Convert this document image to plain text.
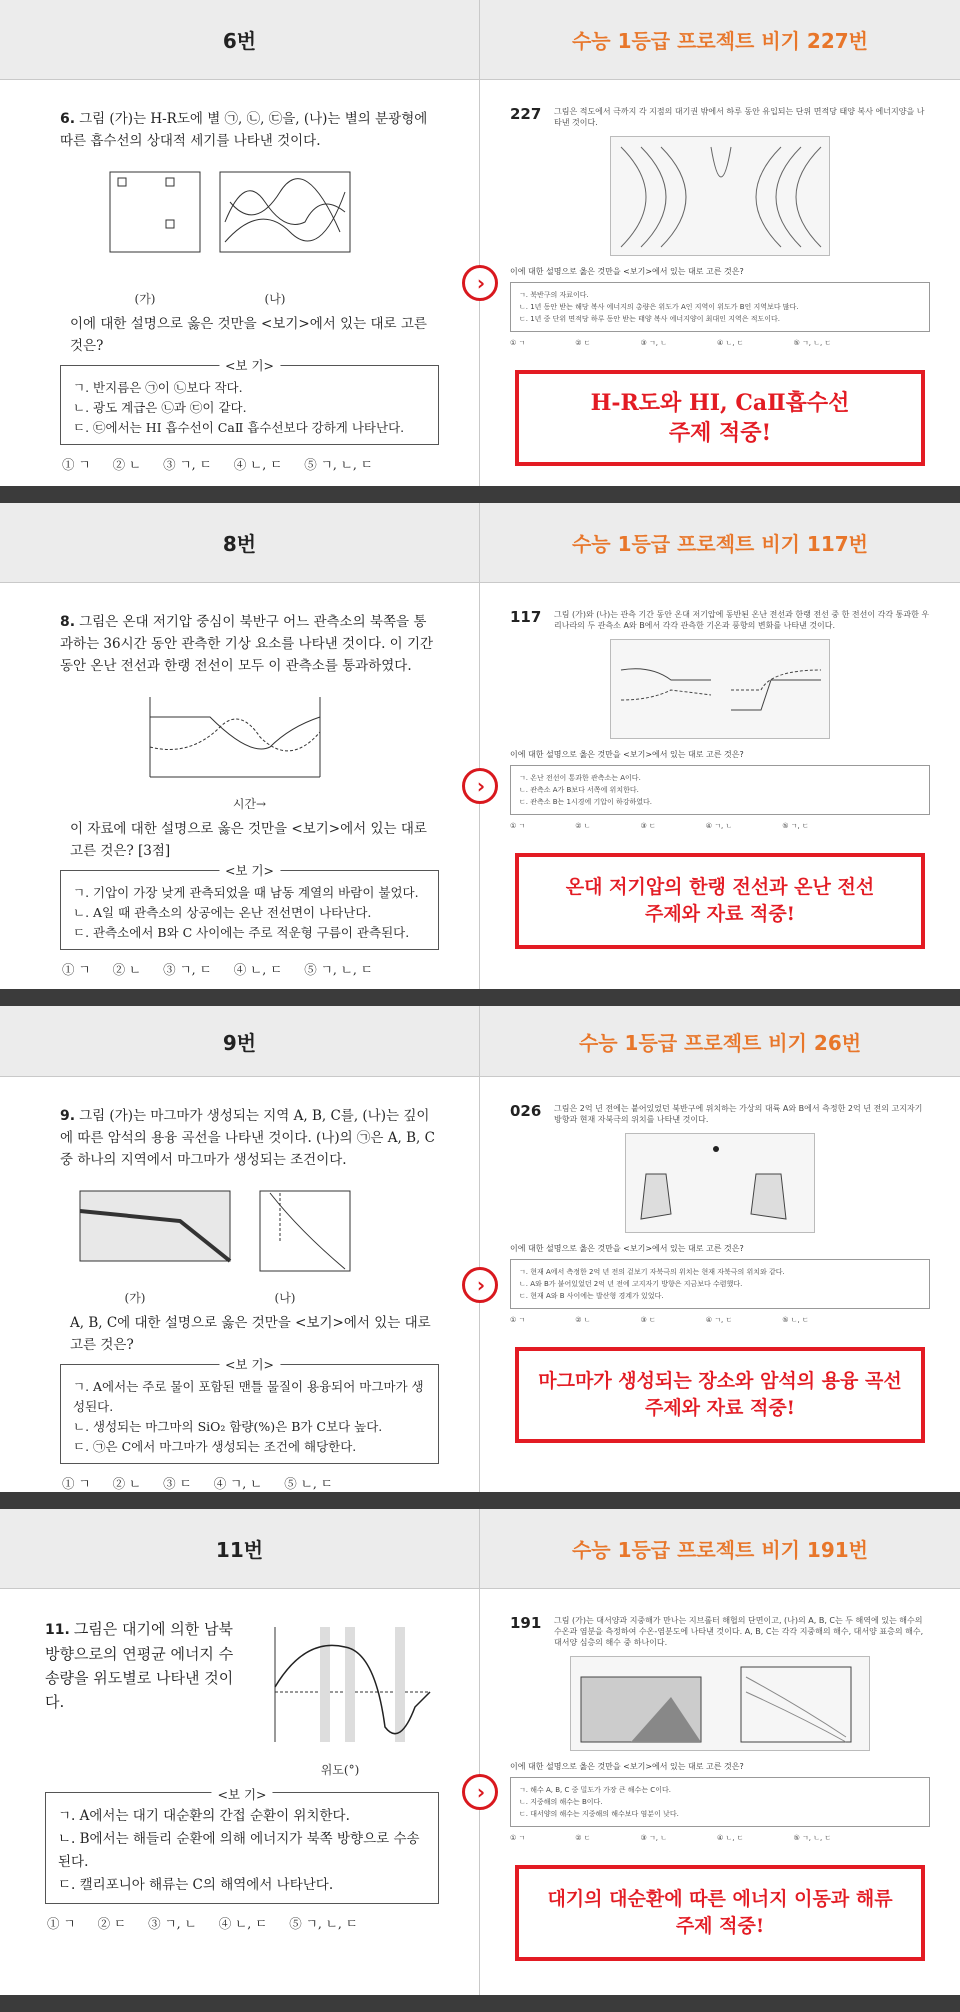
6번	수능 1등급 프로젝트 비기 227번

6. 그림 (가)는 H-R도에 별 ㉠, ㉡, ㉢을, (나)는 별의 분광형에 따른 흡수선의 상대적 세기를 나타낸 것이다.

(가)	(나)

이에 대한 설명으로 옳은 것만을 <보기>에서 있는 대로 고른 것은?

<보 기>
ㄱ. 반지름은 ㉠이 ㉡보다 작다.
ㄴ. 광도 계급은 ㉡과 ㉢이 같다.
ㄷ. ㉢에서는 HⅠ 흡수선이 CaⅡ 흡수선보다 강하게 나타난다.
① ㄱ ② ㄴ ③ ㄱ, ㄷ ④ ㄴ, ㄷ ⑤ ㄱ, ㄴ, ㄷ
›
227	그림은 적도에서 극까지 각 지점의 대기권 밖에서 하루 동안 유입되는 단위 면적당 태양 복사 에너지양을 나타낸 것이다.

이에 대한 설명으로 옳은 것만을 <보기>에서 있는 대로 고른 것은?

ㄱ. 북반구의 자료이다.
ㄴ. 1년 동안 받는 해당 복사 에너지의 총량은 위도가 A인 지역이 위도가 B인 지역보다 많다.
ㄷ. 1년 중 단위 면적당 하루 동안 받는 태양 복사 에너지양이 최대인 지역은 적도이다.
① ㄱ	② ㄷ	③ ㄱ, ㄴ	④ ㄴ, ㄷ	⑤ ㄱ, ㄴ, ㄷ
H-R도와 HⅠ, CaⅡ흡수선
주제 적중!
8번	수능 1등급 프로젝트 비기 117번

8. 그림은 온대 저기압 중심이 북반구 어느 관측소의 북쪽을 통과하는 36시간 동안 관측한 기상 요소를 나타낸 것이다. 이 기간 동안 온난 전선과 한랭 전선이 모두 이 관측소를 통과하였다.

시간→

이 자료에 대한 설명으로 옳은 것만을 <보기>에서 있는 대로 고른 것은? [3점]

<보 기>
ㄱ. 기압이 가장 낮게 관측되었을 때 남동 계열의 바람이 불었다.
ㄴ. A일 때 관측소의 상공에는 온난 전선면이 나타난다.
ㄷ. 관측소에서 B와 C 사이에는 주로 적운형 구름이 관측된다.
① ㄱ ② ㄴ ③ ㄱ, ㄷ ④ ㄴ, ㄷ ⑤ ㄱ, ㄴ, ㄷ
›
117	그림 (가)와 (나)는 관측 기간 동안 온대 저기압에 동반된 온난 전선과 한랭 전선 중 한 전선이 각각 통과한 우리나라의 두 관측소 A와 B에서 각각 관측한 기온과 풍향의 변화를 나타낸 것이다.

이에 대한 설명으로 옳은 것만을 <보기>에서 있는 대로 고른 것은?

ㄱ. 온난 전선이 통과한 관측소는 A이다.
ㄴ. 관측소 A가 B보다 서쪽에 위치한다.
ㄷ. 관측소 B는 1시경에 기압이 하강하였다.
① ㄱ	② ㄴ	③ ㄷ	④ ㄱ, ㄴ	⑤ ㄱ, ㄷ
온대 저기압의 한랭 전선과 온난 전선
주제와 자료 적중!
9번	수능 1등급 프로젝트 비기 26번

9. 그림 (가)는 마그마가 생성되는 지역 A, B, C를, (나)는 깊이에 따른 암석의 용융 곡선을 나타낸 것이다. (나)의 ㉠은 A, B, C 중 하나의 지역에서 마그마가 생성되는 조건이다.

(가)	(나)

A, B, C에 대한 설명으로 옳은 것만을 <보기>에서 있는 대로 고른 것은?

<보 기>
ㄱ. A에서는 주로 물이 포함된 맨틀 물질이 용융되어 마그마가 생성된다.
ㄴ. 생성되는 마그마의 SiO₂ 함량(%)은 B가 C보다 높다.
ㄷ. ㉠은 C에서 마그마가 생성되는 조건에 해당한다.
① ㄱ ② ㄴ ③ ㄷ ④ ㄱ, ㄴ ⑤ ㄴ, ㄷ
›
026	그림은 2억 년 전에는 붙어있었던 북반구에 위치하는 가상의 대륙 A와 B에서 측정한 2억 년 전의 고지자기 방향과 현재 자북극의 위치를 나타낸 것이다.

이에 대한 설명으로 옳은 것만을 <보기>에서 있는 대로 고른 것은?

ㄱ. 현재 A에서 측정한 2억 년 전의 겉보기 자북극의 위치는 현재 자북극의 위치와 같다.
ㄴ. A와 B가 붙어있었던 2억 년 전에 고지자기 방향은 지금보다 수렴했다.
ㄷ. 현재 A와 B 사이에는 발산형 경계가 있었다.
① ㄱ	② ㄴ	③ ㄷ	④ ㄱ, ㄷ	⑤ ㄴ, ㄷ
마그마가 생성되는 장소와 암석의 용융 곡선
주제와 자료 적중!
11번	수능 1등급 프로젝트 비기 191번

11. 그림은 대기에 의한 남북 방향으로의 연평균 에너지 수송량을 위도별로 나타낸 것이다.

위도(°)
<보 기>
ㄱ. A에서는 대기 대순환의 간접 순환이 위치한다.
ㄴ. B에서는 해들리 순환에 의해 에너지가 북쪽 방향으로 수송된다.
ㄷ. 캘리포니아 해류는 C의 해역에서 나타난다.
① ㄱ ② ㄷ ③ ㄱ, ㄴ ④ ㄴ, ㄷ ⑤ ㄱ, ㄴ, ㄷ
›
191	그림 (가)는 대서양과 지중해가 만나는 지브롤터 해협의 단면이고, (나)의 A, B, C는 두 해역에 있는 해수의 수온과 염분을 측정하여 수온-염분도에 나타낸 것이다. A, B, C는 각각 지중해의 해수, 대서양 표층의 해수, 대서양 심층의 해수 중 하나이다.

이에 대한 설명으로 옳은 것만을 <보기>에서 있는 대로 고른 것은?

ㄱ. 해수 A, B, C 중 밀도가 가장 큰 해수는 C이다.
ㄴ. 지중해의 해수는 B이다.
ㄷ. 대서양의 해수는 지중해의 해수보다 염분이 낮다.
① ㄱ	② ㄷ	③ ㄱ, ㄴ	④ ㄴ, ㄷ	⑤ ㄱ, ㄴ, ㄷ
대기의 대순환에 따른 에너지 이동과 해류
주제 적중!
